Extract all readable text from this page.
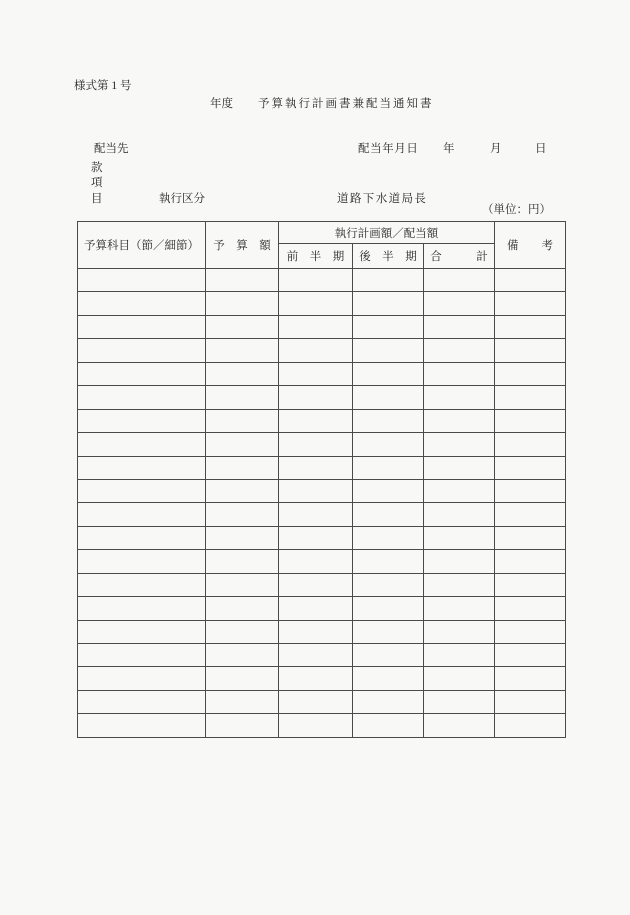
様式第 1 号
年度 予算執行計画書兼配当通知書
配当先	配当年月日 年	月	日
款
項
目	執行区分	道路下水道局長
（単位：円）
予算科目（節／細節）	予　算　額	執行計画額／配当額			備　　考
		前　半　期	後　半　期	合　　　計	
